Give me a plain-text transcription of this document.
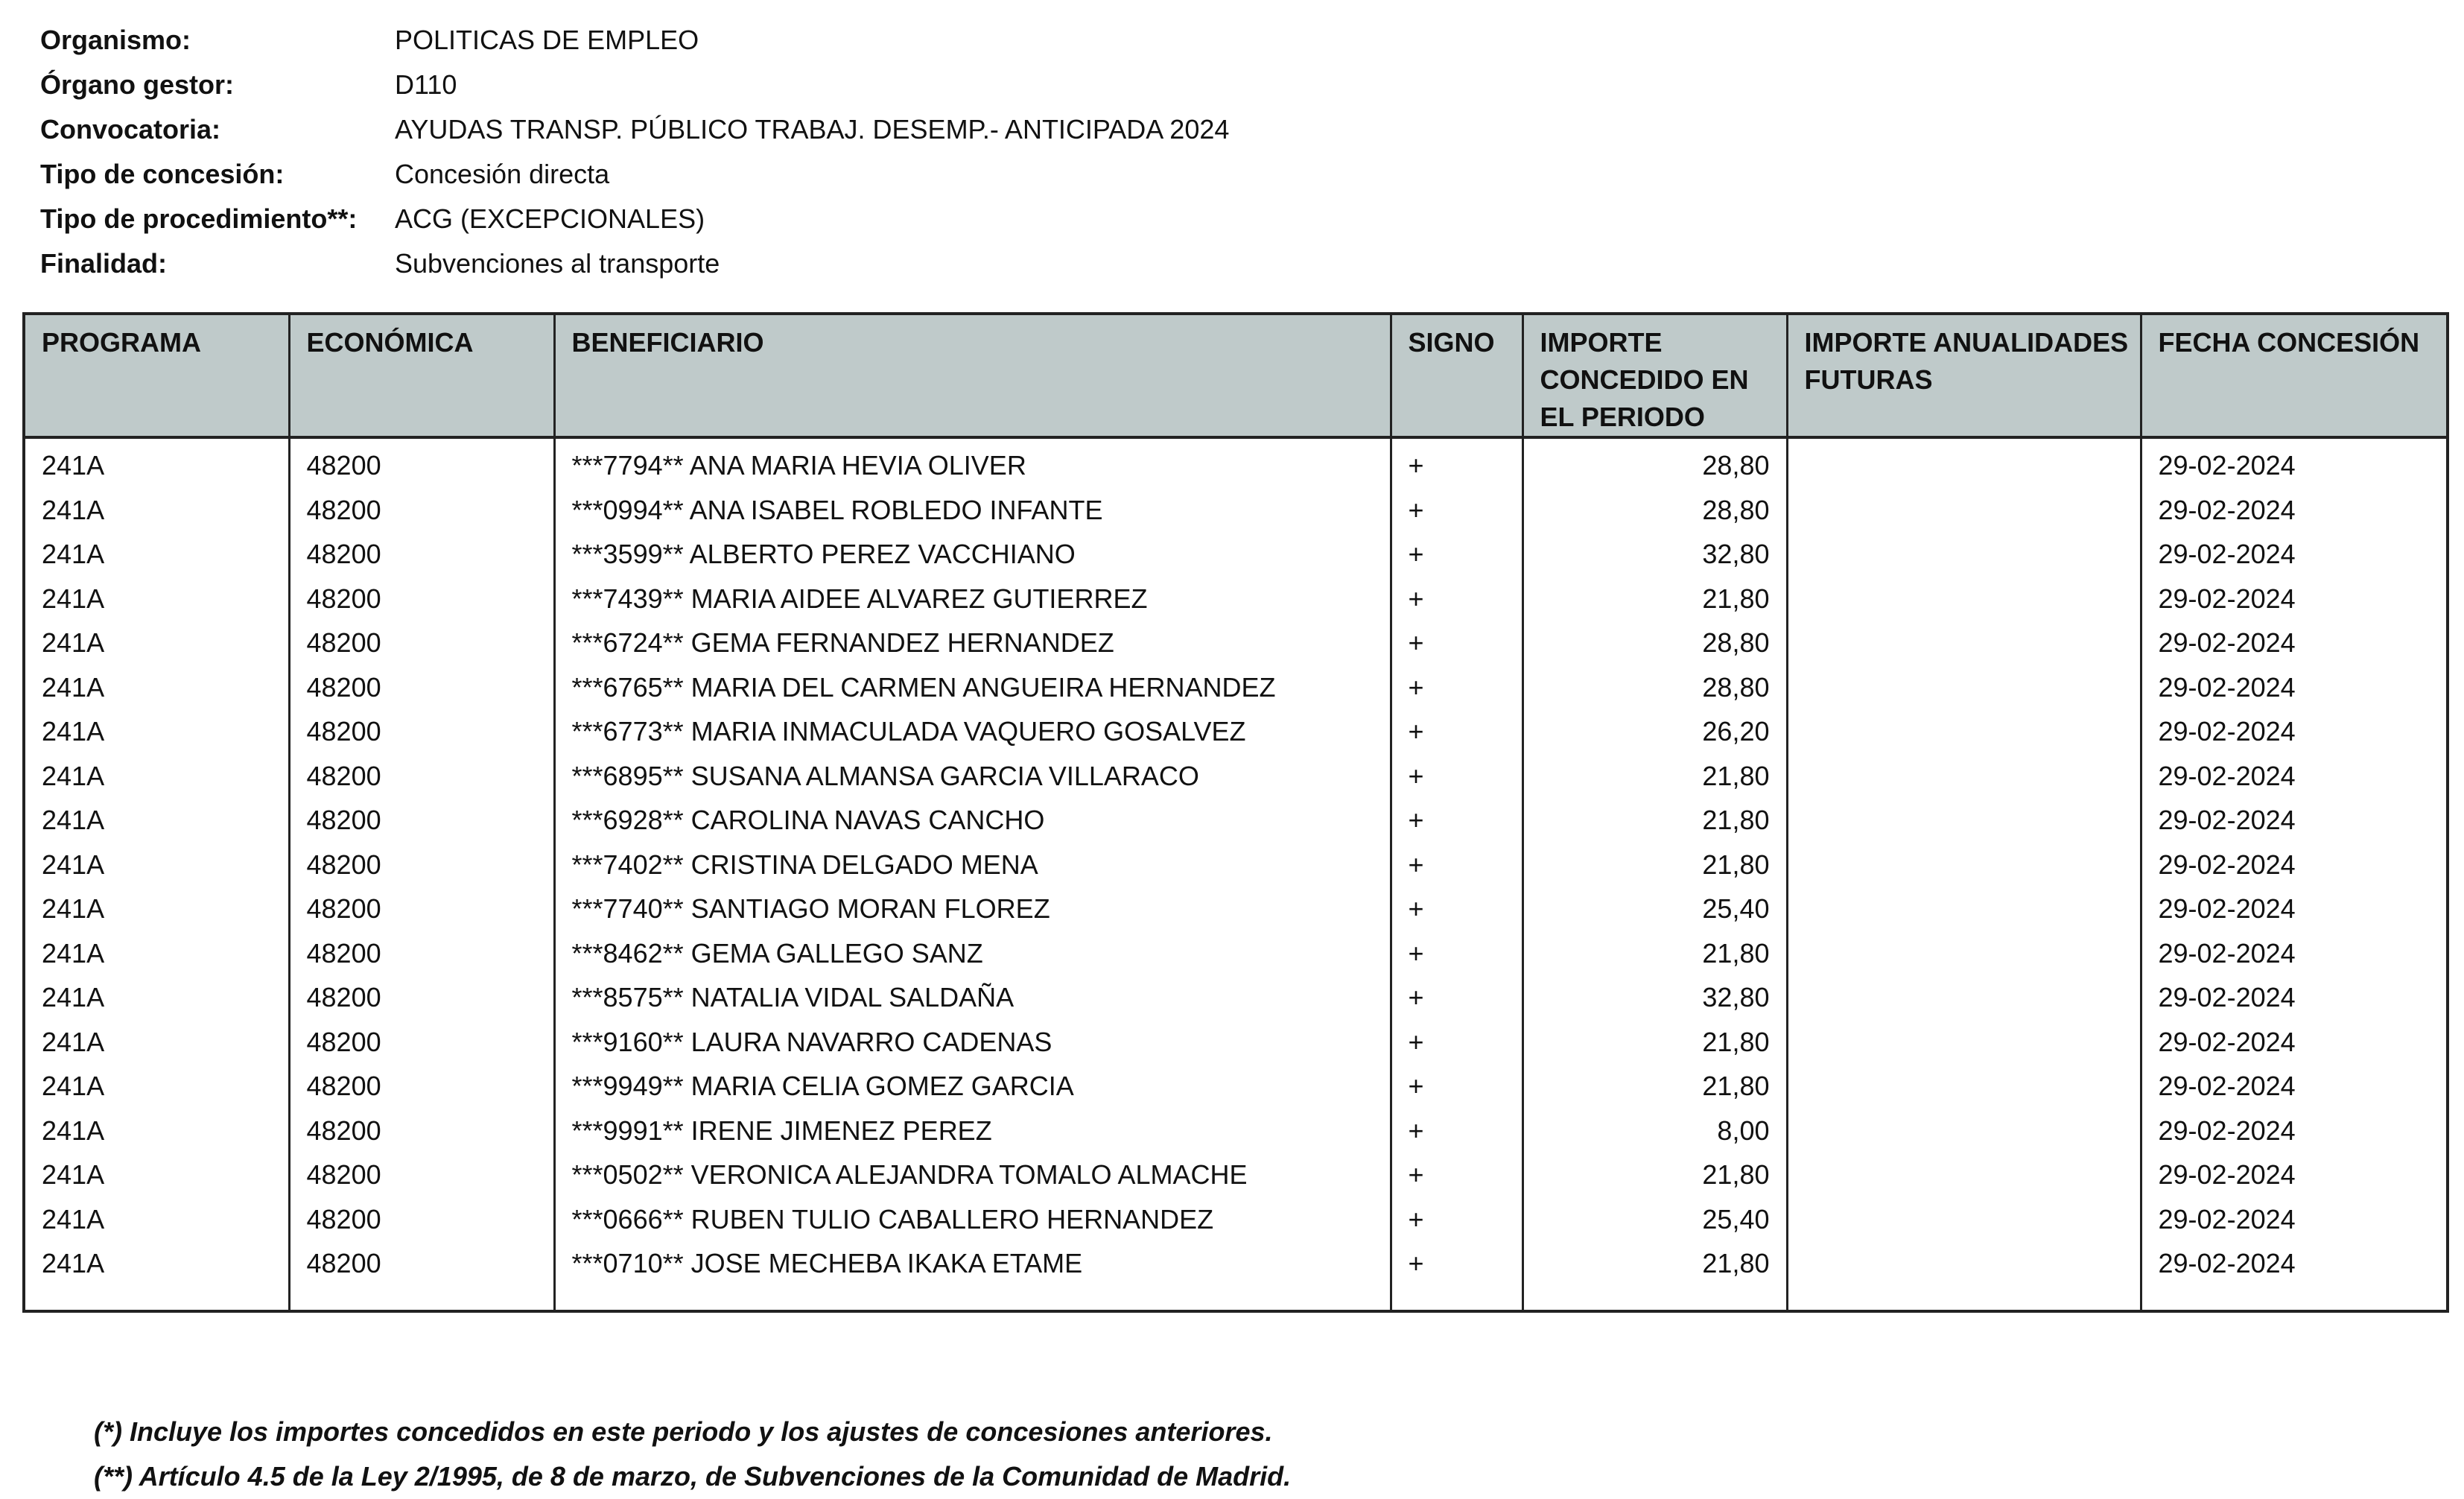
Organismo:	POLITICAS DE EMPLEO
Órgano gestor:	D110
Convocatoria:	AYUDAS TRANSP. PÚBLICO TRABAJ. DESEMP.- ANTICIPADA 2024
Tipo de concesión:	Concesión directa
Tipo de procedimiento**:	ACG (EXCEPCIONALES)
Finalidad:	Subvenciones al transporte
PROGRAMA	ECONÓMICA	BENEFICIARIO	SIGNO	IMPORTE CONCEDIDO EN EL PERIODO	IMPORTE ANUALIDADES FUTURAS	FECHA CONCESIÓN
241A	48200	***7794** ANA MARIA HEVIA OLIVER	+	28,80		29-02-2024
241A	48200	***0994** ANA ISABEL ROBLEDO INFANTE	+	28,80		29-02-2024
241A	48200	***3599** ALBERTO PEREZ VACCHIANO	+	32,80		29-02-2024
241A	48200	***7439** MARIA AIDEE ALVAREZ GUTIERREZ	+	21,80		29-02-2024
241A	48200	***6724** GEMA FERNANDEZ HERNANDEZ	+	28,80		29-02-2024
241A	48200	***6765** MARIA DEL CARMEN ANGUEIRA HERNANDEZ	+	28,80		29-02-2024
241A	48200	***6773** MARIA INMACULADA VAQUERO GOSALVEZ	+	26,20		29-02-2024
241A	48200	***6895** SUSANA ALMANSA GARCIA VILLARACO	+	21,80		29-02-2024
241A	48200	***6928** CAROLINA NAVAS CANCHO	+	21,80		29-02-2024
241A	48200	***7402** CRISTINA DELGADO MENA	+	21,80		29-02-2024
241A	48200	***7740** SANTIAGO MORAN FLOREZ	+	25,40		29-02-2024
241A	48200	***8462** GEMA GALLEGO SANZ	+	21,80		29-02-2024
241A	48200	***8575** NATALIA VIDAL SALDAÑA	+	32,80		29-02-2024
241A	48200	***9160** LAURA NAVARRO CADENAS	+	21,80		29-02-2024
241A	48200	***9949** MARIA CELIA GOMEZ GARCIA	+	21,80		29-02-2024
241A	48200	***9991** IRENE JIMENEZ PEREZ	+	8,00		29-02-2024
241A	48200	***0502** VERONICA ALEJANDRA TOMALO ALMACHE	+	21,80		29-02-2024
241A	48200	***0666** RUBEN TULIO CABALLERO HERNANDEZ	+	25,40		29-02-2024
241A	48200	***0710** JOSE MECHEBA IKAKA ETAME	+	21,80		29-02-2024

(*) Incluye los importes concedidos en este periodo y los ajustes de concesiones anteriores.
(**) Artículo 4.5 de la Ley 2/1995, de 8 de marzo, de Subvenciones de la Comunidad de Madrid.
